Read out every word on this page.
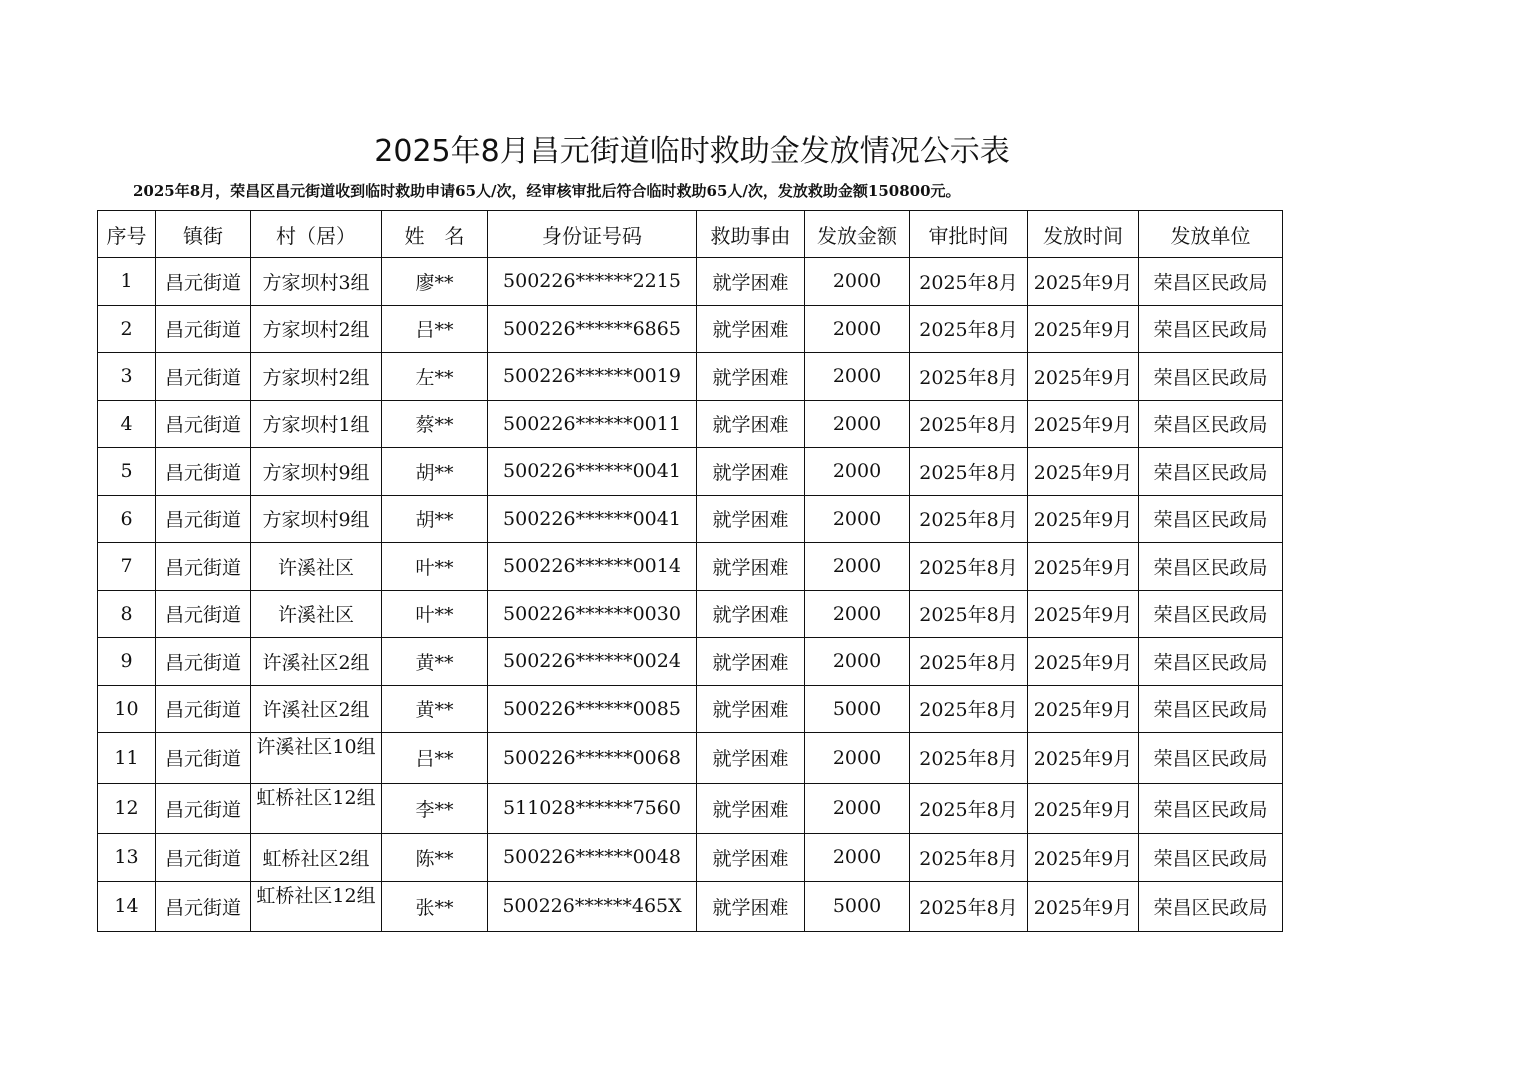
2025年8月昌元街道临时救助金发放情况公示表
2025年8月，荣昌区昌元街道收到临时救助申请65人/次，经审核审批后符合临时救助65人/次，发放救助金额150800元。
序号	镇街	村（居）	姓　名	身份证号码	救助事由	发放金额	审批时间	发放时间	发放单位
1	昌元街道	方家坝村3组	廖**	500226******2215	就学困难	2000	2025年8月	2025年9月	荣昌区民政局
2	昌元街道	方家坝村2组	吕**	500226******6865	就学困难	2000	2025年8月	2025年9月	荣昌区民政局
3	昌元街道	方家坝村2组	左**	500226******0019	就学困难	2000	2025年8月	2025年9月	荣昌区民政局
4	昌元街道	方家坝村1组	蔡**	500226******0011	就学困难	2000	2025年8月	2025年9月	荣昌区民政局
5	昌元街道	方家坝村9组	胡**	500226******0041	就学困难	2000	2025年8月	2025年9月	荣昌区民政局
6	昌元街道	方家坝村9组	胡**	500226******0041	就学困难	2000	2025年8月	2025年9月	荣昌区民政局
7	昌元街道	许溪社区	叶**	500226******0014	就学困难	2000	2025年8月	2025年9月	荣昌区民政局
8	昌元街道	许溪社区	叶**	500226******0030	就学困难	2000	2025年8月	2025年9月	荣昌区民政局
9	昌元街道	许溪社区2组	黄**	500226******0024	就学困难	2000	2025年8月	2025年9月	荣昌区民政局
10	昌元街道	许溪社区2组	黄**	500226******0085	就学困难	5000	2025年8月	2025年9月	荣昌区民政局
11	昌元街道	许溪社区10组	吕**	500226******0068	就学困难	2000	2025年8月	2025年9月	荣昌区民政局
12	昌元街道	虹桥社区12组	李**	511028******7560	就学困难	2000	2025年8月	2025年9月	荣昌区民政局
13	昌元街道	虹桥社区2组	陈**	500226******0048	就学困难	2000	2025年8月	2025年9月	荣昌区民政局
14	昌元街道	虹桥社区12组	张**	500226******465X	就学困难	5000	2025年8月	2025年9月	荣昌区民政局
